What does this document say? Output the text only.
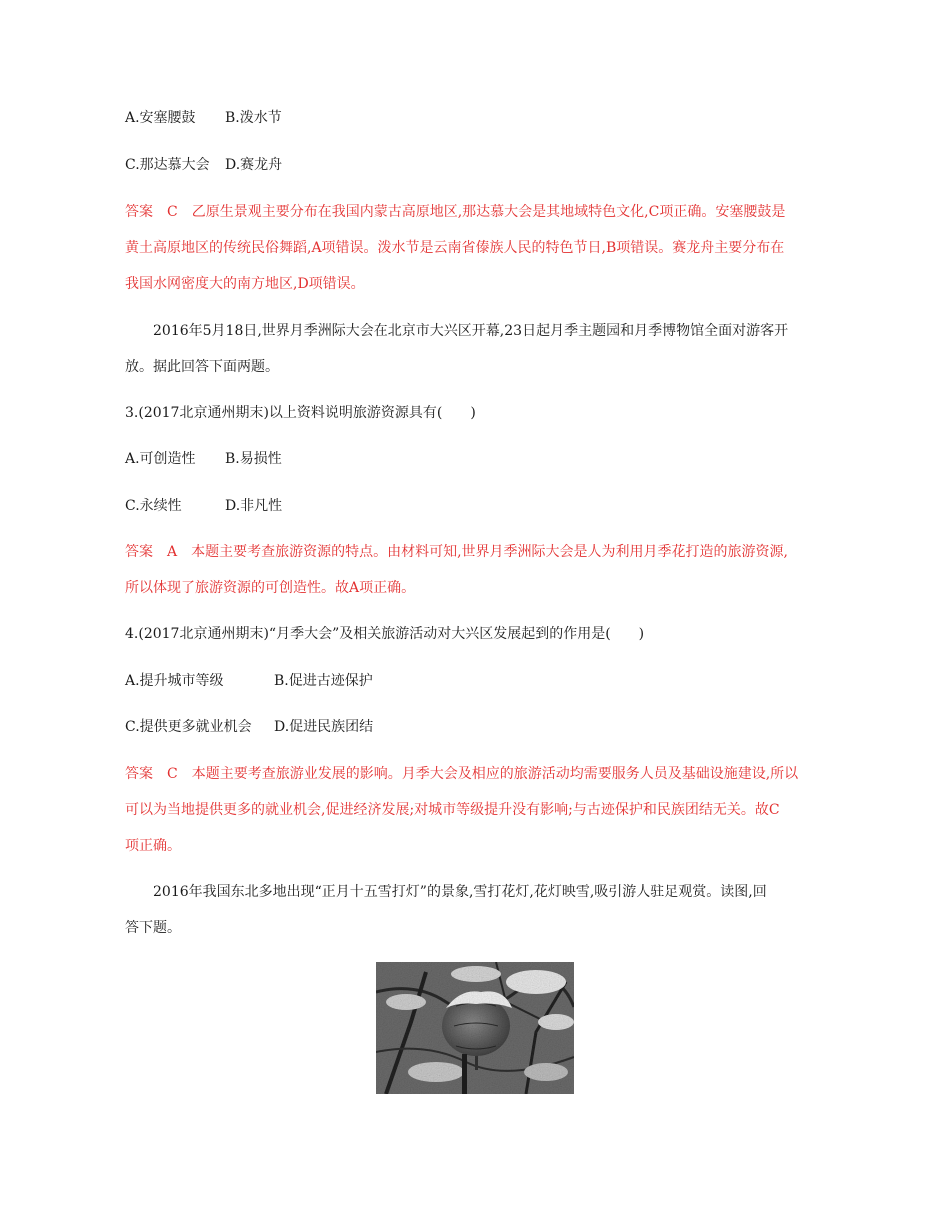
A.安塞腰鼓 B.泼水节
C.那达慕大会 D.赛龙舟
答案　C　乙原生景观主要分布在我国内蒙古高原地区,那达慕大会是其地域特色文化,C项正确。安塞腰鼓是
黄土高原地区的传统民俗舞蹈,A项错误。泼水节是云南省傣族人民的特色节日,B项错误。赛龙舟主要分布在
我国水网密度大的南方地区,D项错误。
2016年5月18日,世界月季洲际大会在北京市大兴区开幕,23日起月季主题园和月季博物馆全面对游客开
放。据此回答下面两题。
3.(2017北京通州期末)以上资料说明旅游资源具有(　　)
A.可创造性 B.易损性
C.永续性	D.非凡性
答案　A　本题主要考查旅游资源的特点。由材料可知,世界月季洲际大会是人为利用月季花打造的旅游资源,
所以体现了旅游资源的可创造性。故A项正确。
4.(2017北京通州期末)“月季大会”及相关旅游活动对大兴区发展起到的作用是(　　)
A.提升城市等级	B.促进古迹保护
C.提供更多就业机会 D.促进民族团结
答案　C　本题主要考查旅游业发展的影响。月季大会及相应的旅游活动均需要服务人员及基础设施建设,所以
可以为当地提供更多的就业机会,促进经济发展;对城市等级提升没有影响;与古迹保护和民族团结无关。故C
项正确。
2016年我国东北多地出现“正月十五雪打灯”的景象,雪打花灯,花灯映雪,吸引游人驻足观赏。读图,回
答下题。
